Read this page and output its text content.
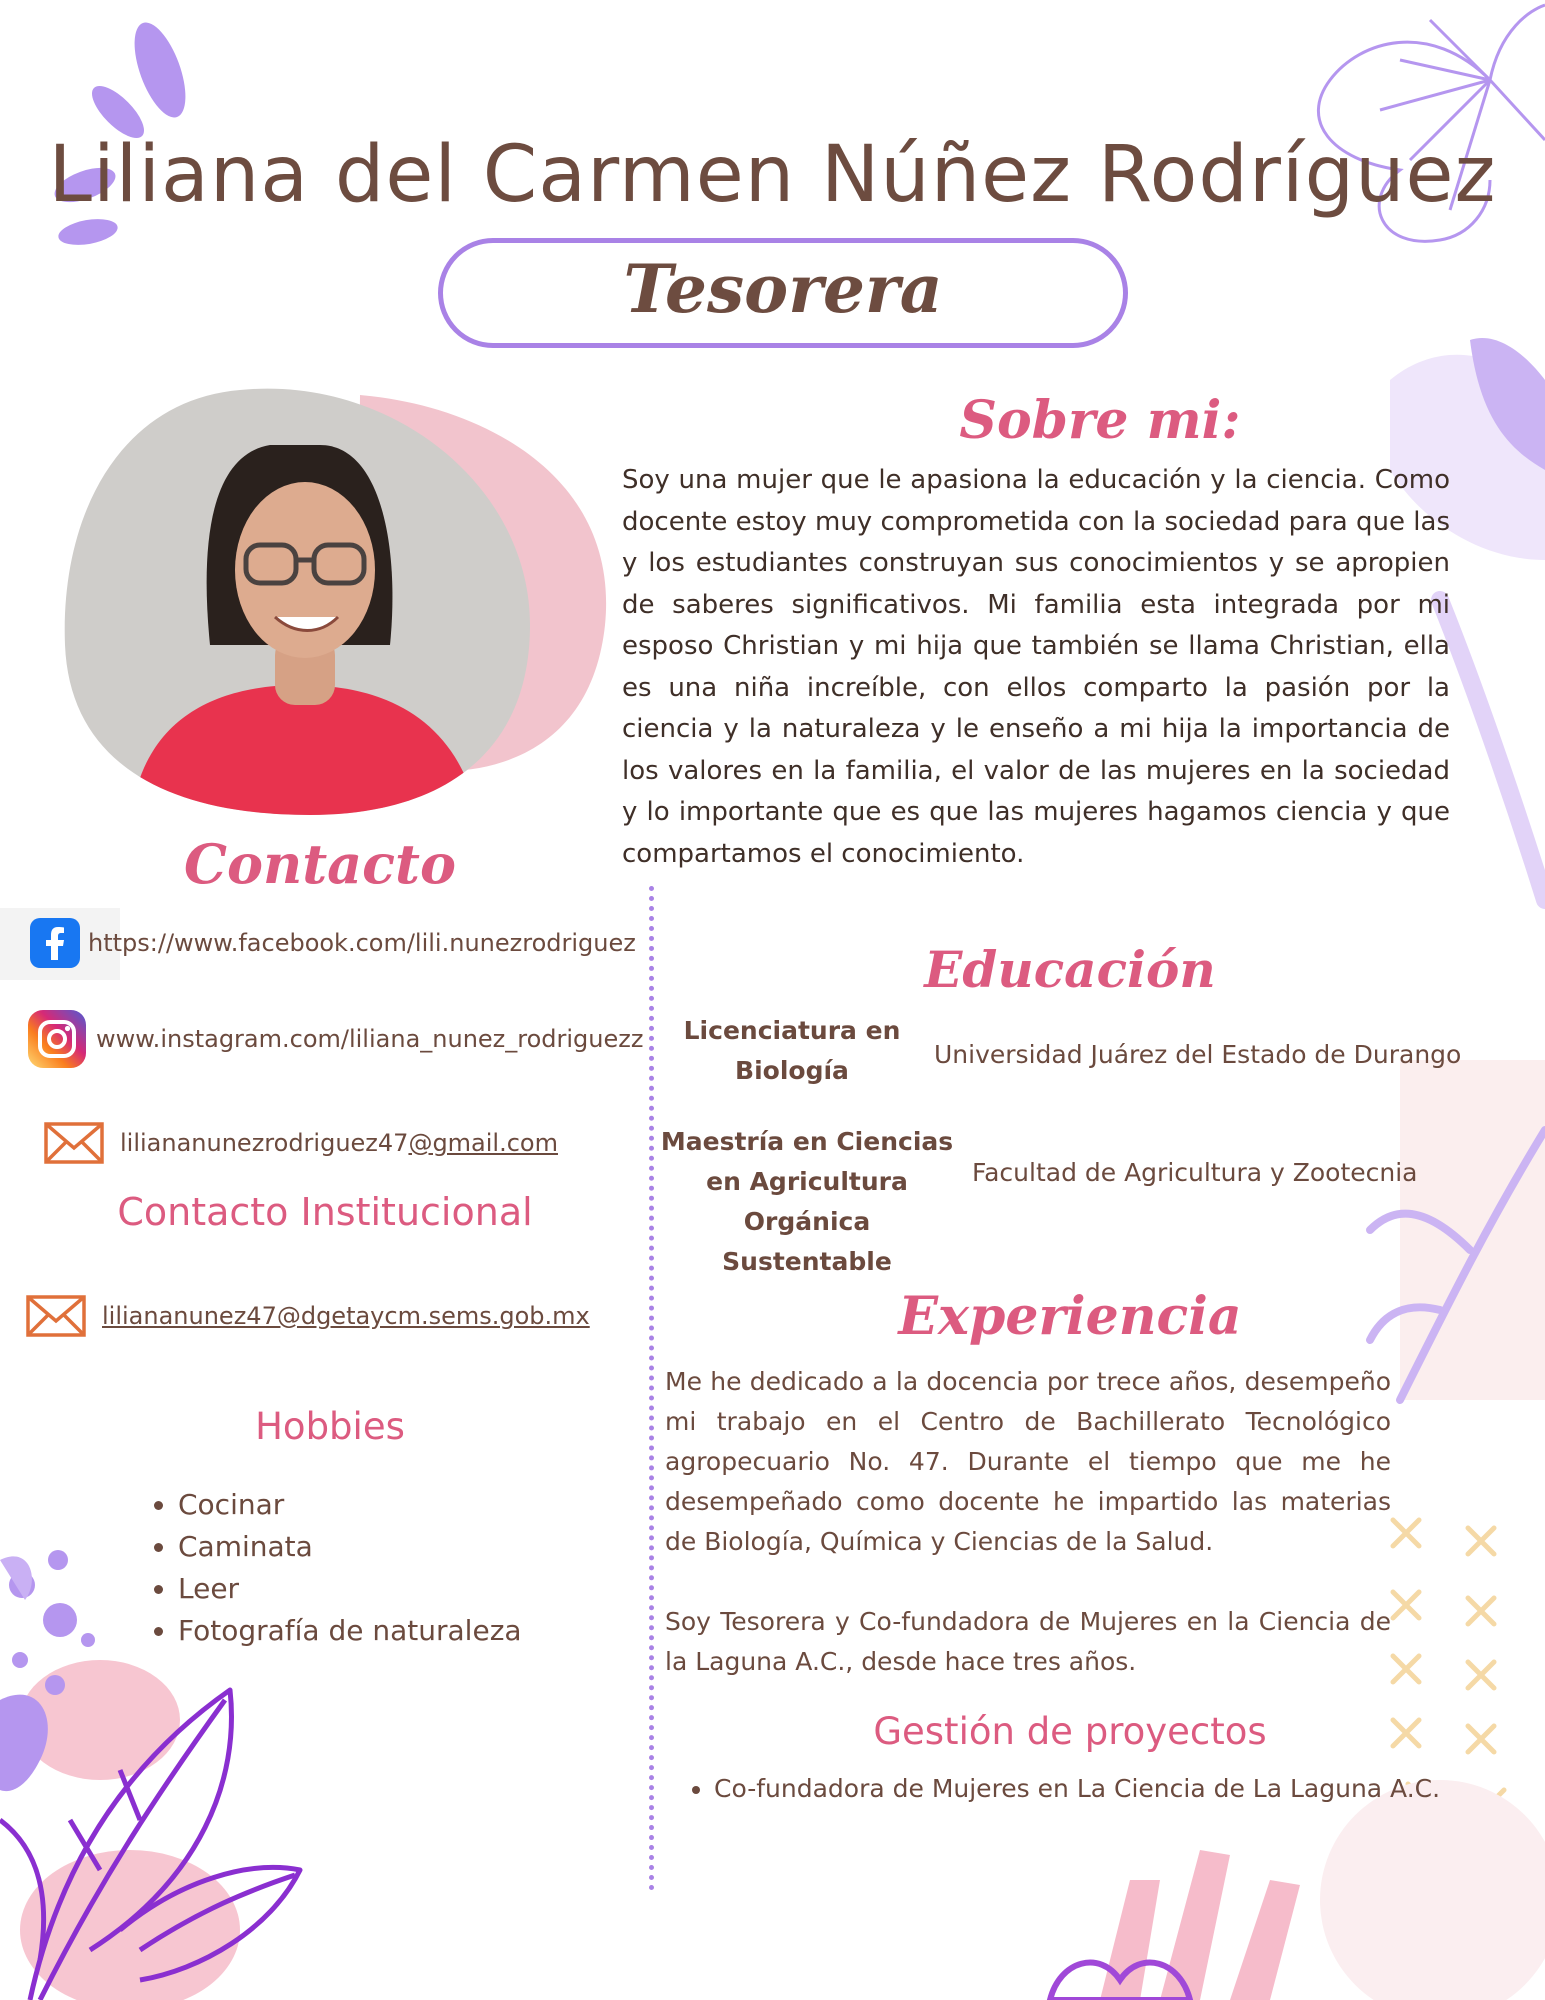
Liliana del Carmen Núñez Rodríguez
Tesorera
Sobre mi:
Soy una mujer que le apasiona la educación y la ciencia. Como docente estoy muy comprometida con la sociedad para que las y los estudiantes construyan sus conocimientos y se apropien de saberes significativos. Mi familia esta integrada por mi esposo Christian y mi hija que también se llama Christian, ella es una niña increíble, con ellos comparto la pasión por la ciencia y la naturaleza y le enseño a mi hija la importancia de los valores en la familia, el valor de las mujeres en la sociedad y lo importante que es que las mujeres hagamos ciencia y que compartamos el conocimiento.
Contacto
https://www.facebook.com/lili.nunezrodriguez
www.instagram.com/liliana_nunez_rodriguezz
liliananunezrodriguez47@gmail.com
Contacto Institucional
liliananunez47@dgetaycm.sems.gob.mx
Hobbies
• Cocinar
• Caminata
• Leer
• Fotografía de naturaleza
Educación
Licenciatura en
Biología
Universidad Juárez del Estado de Durango
Maestría en Ciencias
en Agricultura
Orgánica Sustentable
Facultad de Agricultura y Zootecnia
Experiencia
Me he dedicado a la docencia por trece años, desempeño mi trabajo en el Centro de Bachillerato Tecnológico agropecuario No. 47. Durante el tiempo que me he desempeñado como docente he impartido las materias de Biología, Química y Ciencias de la Salud.
Soy Tesorera y Co-fundadora de Mujeres en la Ciencia de la Laguna A.C., desde hace tres años.
Gestión de proyectos
• Co-fundadora de Mujeres en La Ciencia de La Laguna A.C.
